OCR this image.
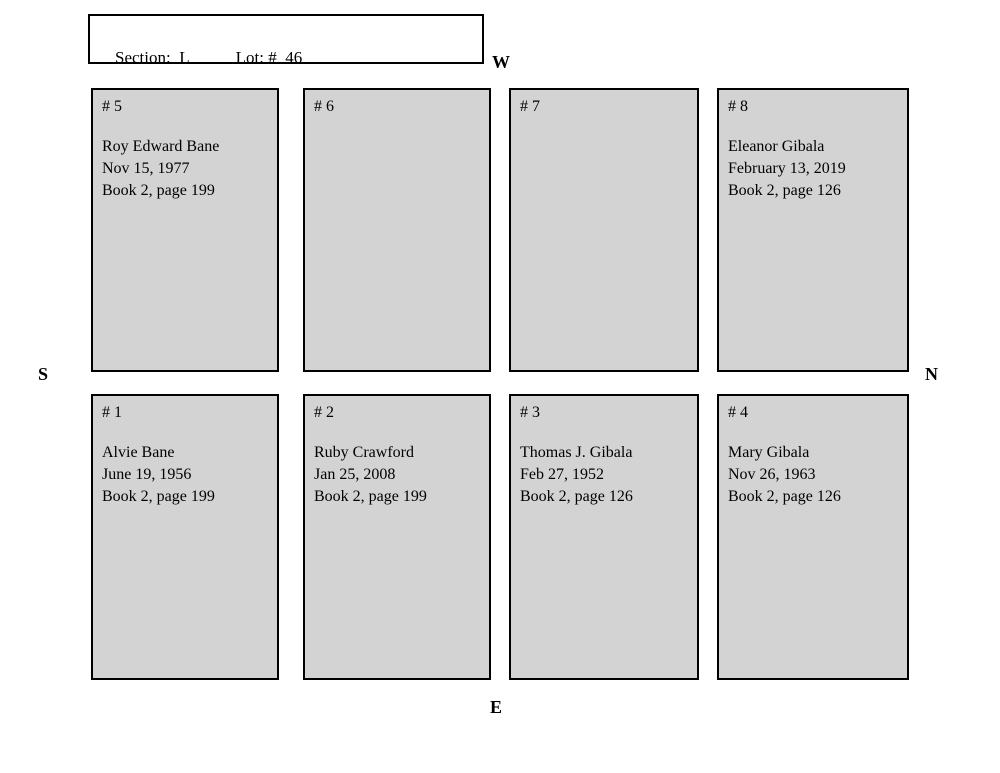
Section:  L	Lot: #  46
	W
N
S
E
# 5
Roy Edward Bane
Nov 15, 1977
Book 2, page 199
# 6	# 7	# 8
Eleanor Gibala
February 13, 2019
Book 2, page 126
# 1
Alvie Bane
June 19, 1956
Book 2, page 199
# 2
Ruby Crawford
Jan 25, 2008
Book 2, page 199
# 3
Thomas J. Gibala
Feb 27, 1952
Book 2, page 126
# 4
Mary Gibala
Nov 26, 1963
Book 2, page 126
